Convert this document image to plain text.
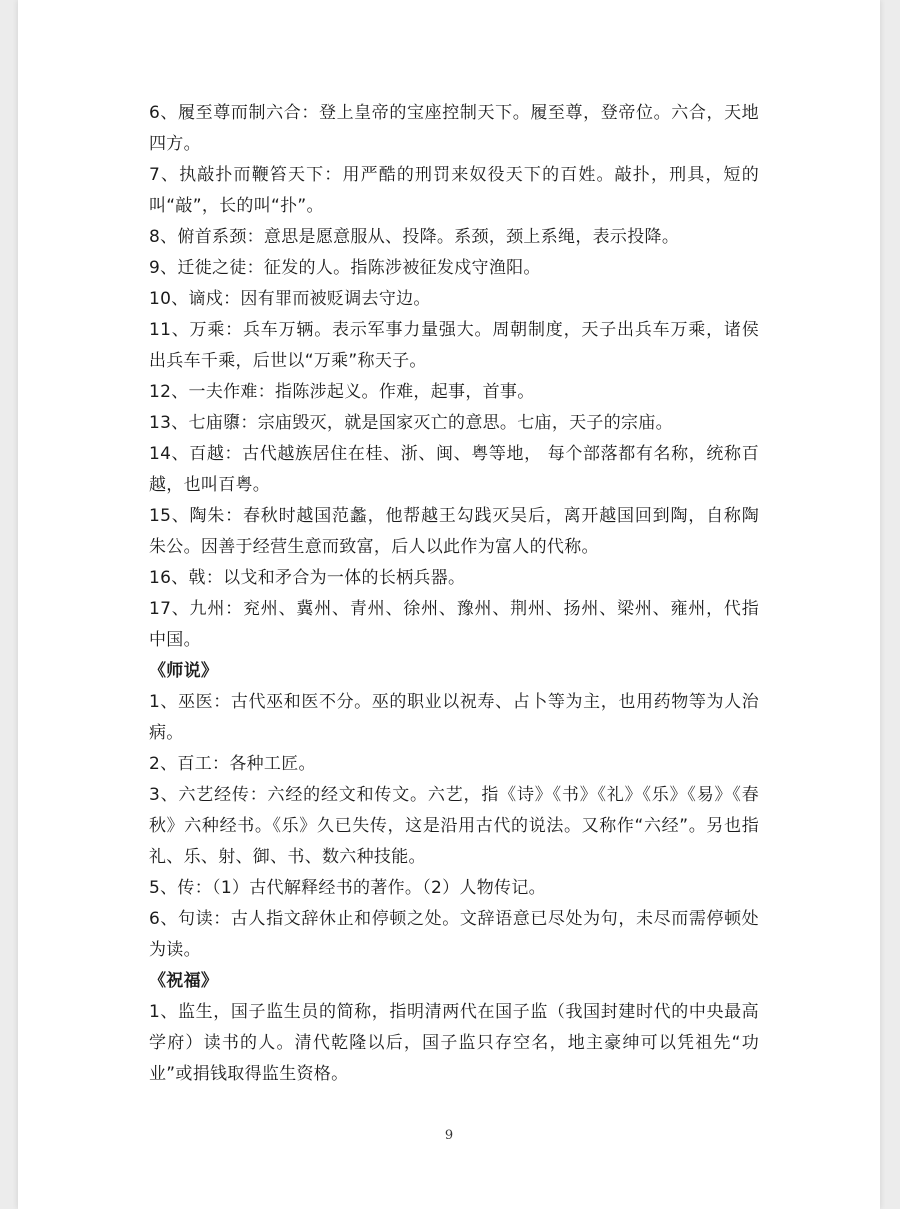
6、履至尊而制六合：登上皇帝的宝座控制天下。履至尊，登帝位。六合，天地四方。

7、执敲扑而鞭笞天下：用严酷的刑罚来奴役天下的百姓。敲扑，刑具，短的叫“敲”，长的叫“扑”。

8、俯首系颈：意思是愿意服从、投降。系颈，颈上系绳，表示投降。

9、迁徙之徒：征发的人。指陈涉被征发戍守渔阳。

10、谪戍：因有罪而被贬调去守边。

11、万乘：兵车万辆。表示军事力量强大。周朝制度，天子出兵车万乘，诸侯出兵车千乘，后世以“万乘”称天子。

12、一夫作难：指陈涉起义。作难，起事，首事。

13、七庙隳：宗庙毁灭，就是国家灭亡的意思。七庙，天子的宗庙。

14、百越：古代越族居住在桂、浙、闽、粤等地， 每个部落都有名称，统称百越，也叫百粤。

15、陶朱：春秋时越国范蠡，他帮越王勾践灭吴后，离开越国回到陶，自称陶朱公。因善于经营生意而致富，后人以此作为富人的代称。

16、戟：以戈和矛合为一体的长柄兵器。

17、九州：兖州、冀州、青州、徐州、豫州、荆州、扬州、梁州、雍州，代指中国。

《师说》

1、巫医：古代巫和医不分。巫的职业以祝寿、占卜等为主，也用药物等为人治病。

2、百工：各种工匠。

3、六艺经传：六经的经文和传文。六艺，指《诗》《书》《礼》《乐》《易》《春秋》六种经书。《乐》久已失传，这是沿用古代的说法。又称作“六经”。另也指礼、乐、射、御、书、数六种技能。

5、传：（1）古代解释经书的著作。（2）人物传记。

6、句读：古人指文辞休止和停顿之处。文辞语意已尽处为句，未尽而需停顿处为读。

《祝福》

1、监生，国子监生员的简称，指明清两代在国子监（我国封建时代的中央最高学府）读书的人。清代乾隆以后，国子监只存空名，地主豪绅可以凭祖先“功业”或捐钱取得监生资格。

9
